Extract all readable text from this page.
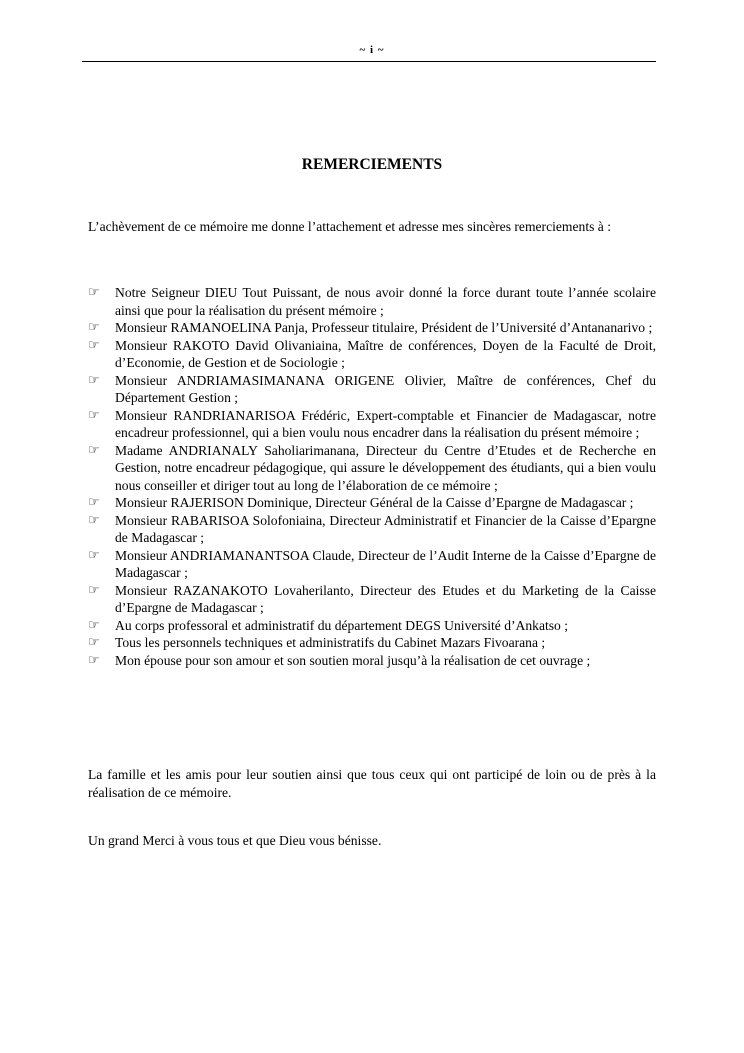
~ i ~
REMERCIEMENTS

L’achèvement de ce mémoire me donne l’attachement et adresse mes sincères remerciements à :

☞ Notre Seigneur DIEU Tout Puissant, de nous avoir donné la force durant toute l’année scolaire ainsi que pour la réalisation du présent mémoire ;
☞ Monsieur RAMANOELINA Panja, Professeur titulaire, Président de l’Université d’Antananarivo ;
☞ Monsieur RAKOTO David Olivaniaina, Maître de conférences, Doyen de la Faculté de Droit, d’Economie, de Gestion et de Sociologie ;
☞ Monsieur ANDRIAMASIMANANA ORIGENE Olivier, Maître de conférences, Chef du Département Gestion ;
☞ Monsieur RANDRIANARISOA Frédéric, Expert-comptable et Financier de Madagascar, notre encadreur professionnel, qui a bien voulu nous encadrer dans la réalisation du présent mémoire ;
☞ Madame ANDRIANALY Saholiarimanana, Directeur du Centre d’Etudes et de Recherche en Gestion, notre encadreur pédagogique, qui assure le développement des étudiants, qui a bien voulu nous conseiller et diriger tout au long de l’élaboration de ce mémoire ;
☞ Monsieur RAJERISON Dominique, Directeur Général de la Caisse d’Epargne de Madagascar ;
☞ Monsieur RABARISOA Solofoniaina, Directeur Administratif et Financier de la Caisse d’Epargne de Madagascar ;
☞ Monsieur ANDRIAMANANTSOA Claude, Directeur de l’Audit Interne de la Caisse d’Epargne de Madagascar ;
☞ Monsieur RAZANAKOTO Lovaherilanto, Directeur des Etudes et du Marketing de la Caisse d’Epargne de Madagascar ;
☞ Au corps professoral et administratif du département DEGS Université d’Ankatso ;
☞ Tous les personnels techniques et administratifs du Cabinet Mazars Fivoarana ;
☞ Mon épouse pour son amour et son soutien moral jusqu’à la réalisation de cet ouvrage ;

La famille et les amis pour leur soutien ainsi que tous ceux qui ont participé de loin ou de près à la réalisation de ce mémoire.

Un grand Merci à vous tous et que Dieu vous bénisse.
